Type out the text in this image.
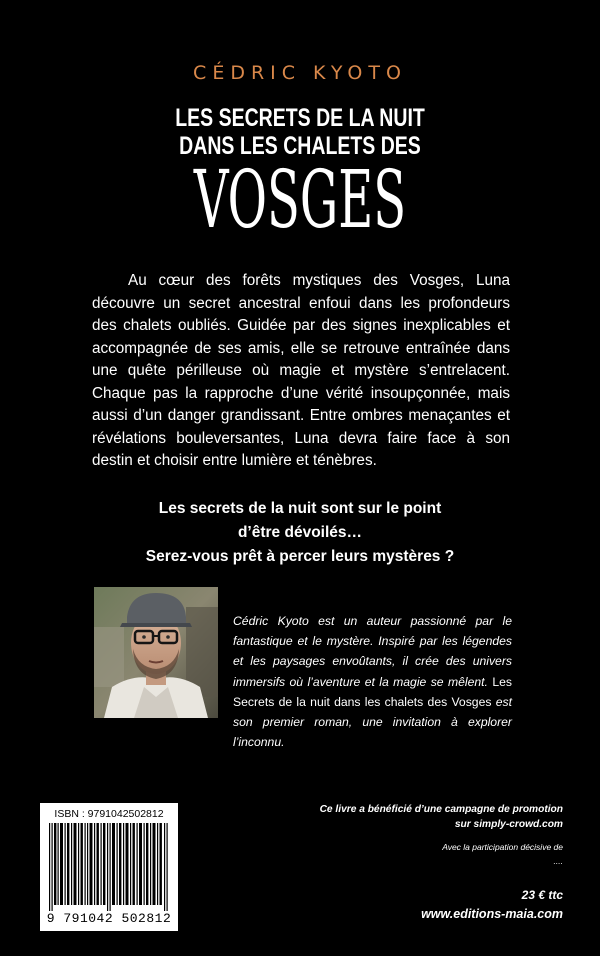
CÉDRIC KYOTO
LES SECRETS DE LA NUIT
DANS LES CHALETS DES
VOSGES

Au cœur des forêts mystiques des Vosges, Luna découvre un secret ancestral enfoui dans les profondeurs des chalets oubliés. Guidée par des signes inexplicables et accompagnée de ses amis, elle se retrouve entraînée dans une quête périlleuse où magie et mystère s’entrelacent. Chaque pas la rapproche d’une vérité insoupçonnée, mais aussi d’un danger grandissant. Entre ombres menaçantes et révélations bouleversantes, Luna devra faire face à son destin et choisir entre lumière et ténèbres.

Les secrets de la nuit sont sur le point
d’être dévoilés…
Serez-vous prêt à percer leurs mystères ?

Cédric Kyoto est un auteur passionné par le fantastique et le mystère. Inspiré par les légendes et les paysages envoûtants, il crée des univers immersifs où l’aventure et la magie se mêlent. Les Secrets de la nuit dans les chalets des Vosges est son premier roman, une invitation à explorer l’inconnu.

ISBN : 9791042502812
9 791042 502812
Ce livre a bénéficié d’une campagne de promotion
sur simply-crowd.com
Avec la participation décisive de
....
23 € ttc
www.editions-maia.com
